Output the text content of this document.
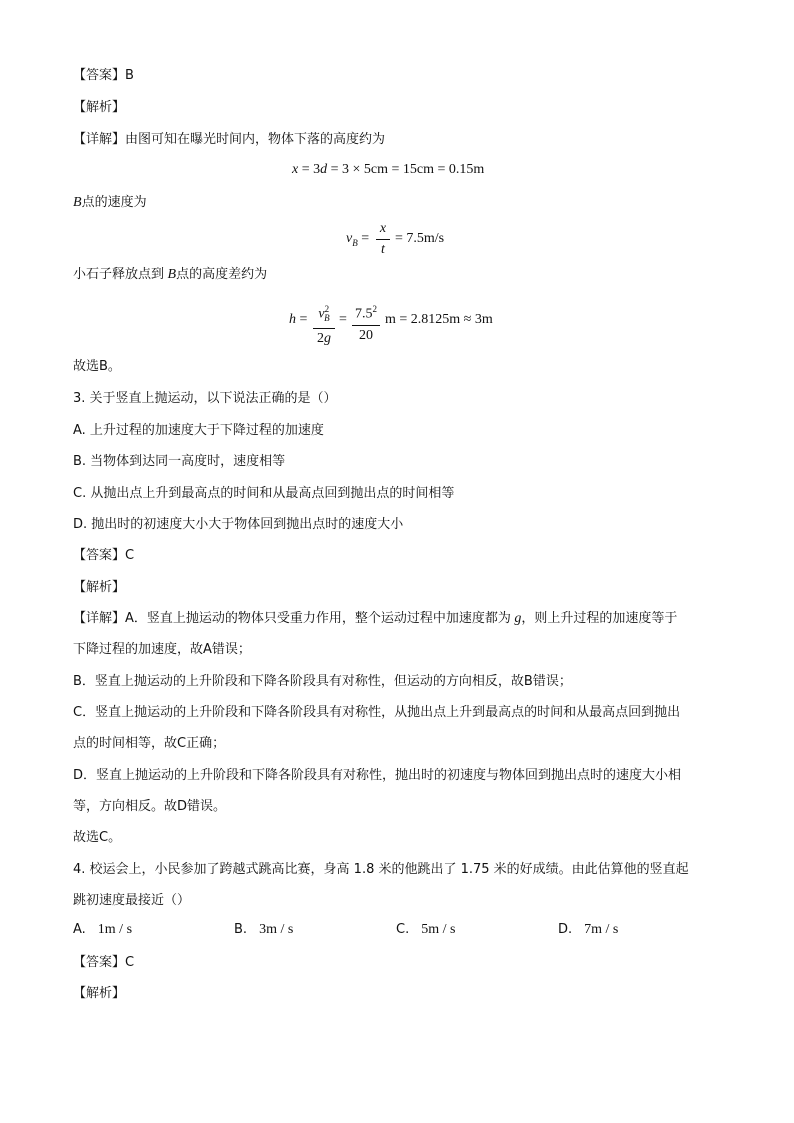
【答案】B
【解析】
【详解】由图可知在曝光时间内，物体下落的高度约为
x = 3d = 3 × 5cm = 15cm = 0.15m
B点的速度为
$v_B$ =
x
t
= 7.5m/s
小石子释放点到 B点的高度差约为
$h = v^2_B$
2g
= $7.5^2$
20
m = 2.8125m ≈ 3m
故选B。
3. 关于竖直上抛运动，以下说法正确的是（）
A. 上升过程的加速度大于下降过程的加速度
B. 当物体到达同一高度时，速度相等
C. 从抛出点上升到最高点的时间和从最高点回到抛出点的时间相等
D. 抛出时的初速度大小大于物体回到抛出点时的速度大小
【答案】C
【解析】
【详解】A．竖直上抛运动的物体只受重力作用，整个运动过程中加速度都为 g，则上升过程的加速度等于
下降过程的加速度，故A错误；
B．竖直上抛运动的上升阶段和下降各阶段具有对称性，但运动的方向相反，故B错误；
C．竖直上抛运动的上升阶段和下降各阶段具有对称性，从抛出点上升到最高点的时间和从最高点回到抛出
点的时间相等，故C正确；
D．竖直上抛运动的上升阶段和下降各阶段具有对称性，抛出时的初速度与物体回到抛出点时的速度大小相
等，方向相反。故D错误。
故选C。
4. 校运会上，小民参加了跨越式跳高比赛，身高 1.8 米的他跳出了 1.75 米的好成绩。由此估算他的竖直起
跳初速度最接近（）
A. 1m / s	B. 3m / s	C. 5m / s	D. 7m / s
【答案】C
【解析】
